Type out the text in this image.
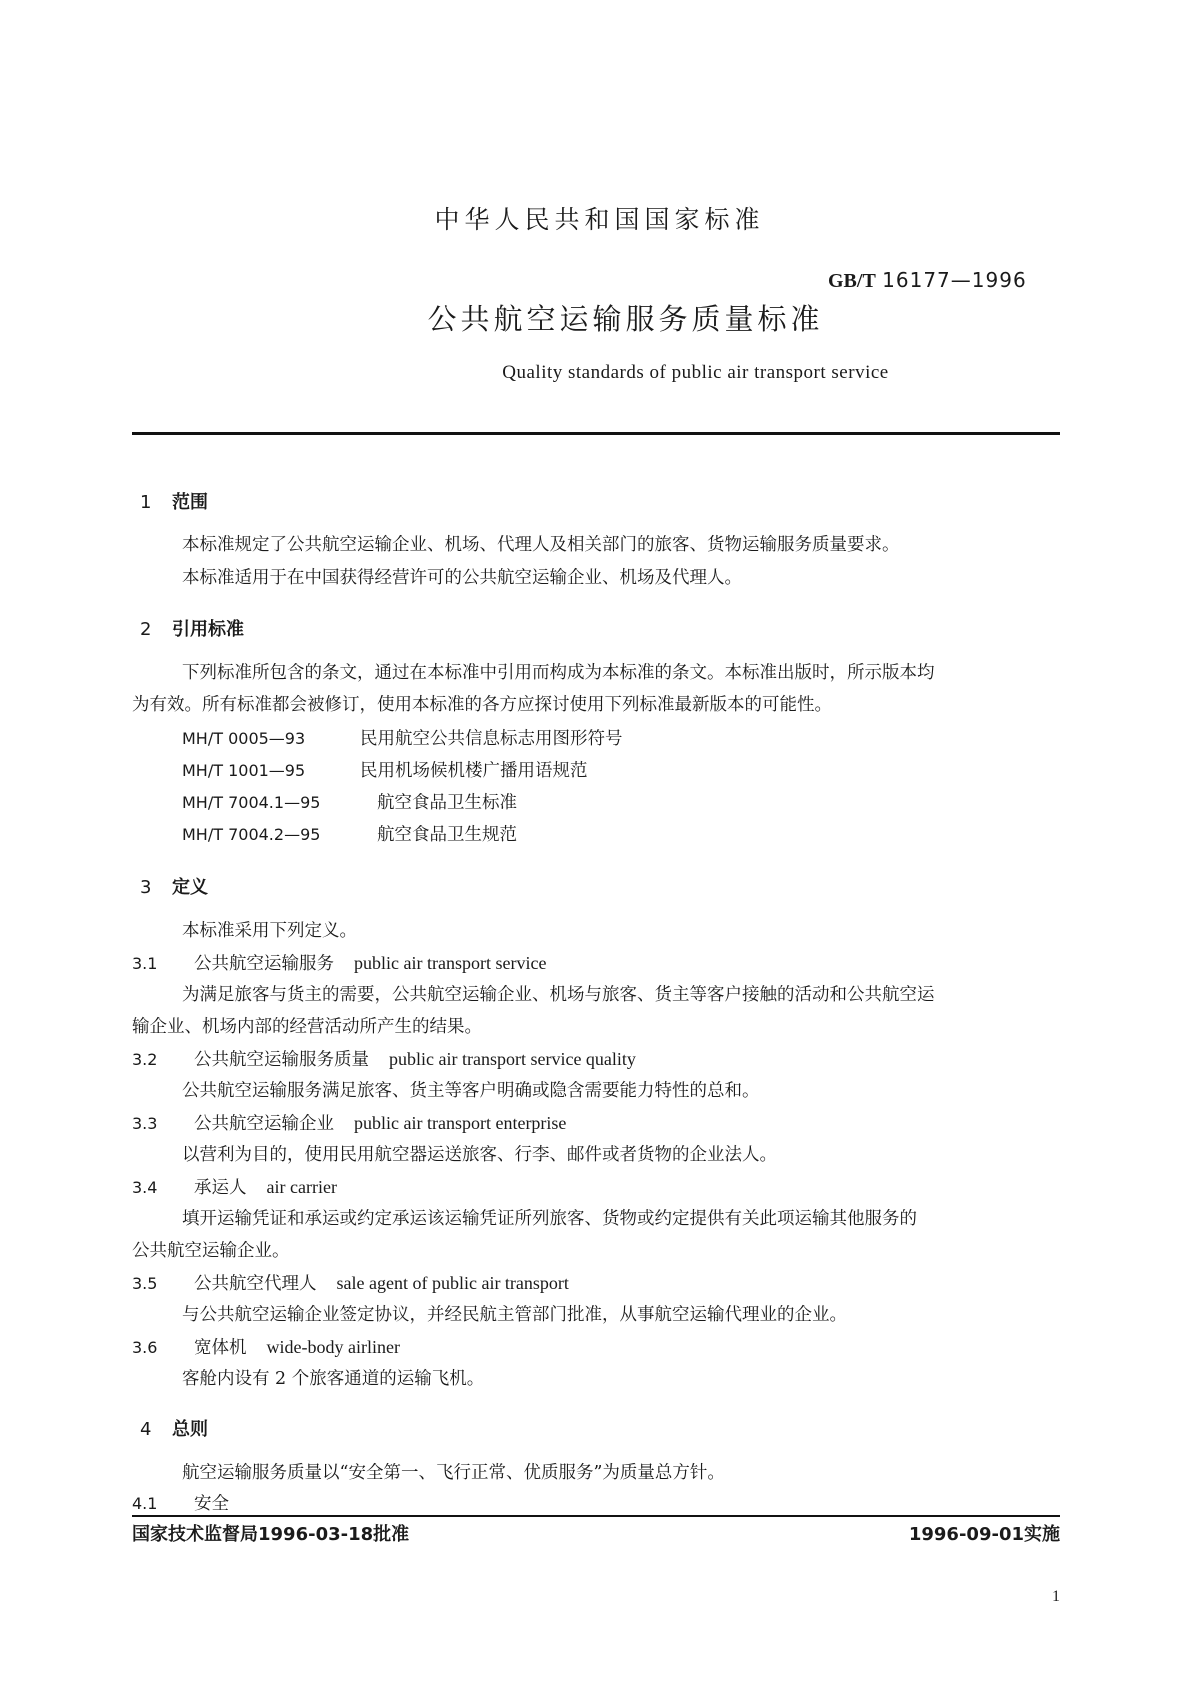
中华人民共和国国家标准
GB/T 16177—1996
公共航空运输服务质量标准
Quality standards of public air transport service
1 范围
本标准规定了公共航空运输企业、机场、代理人及相关部门的旅客、货物运输服务质量要求。
本标准适用于在中国获得经营许可的公共航空运输企业、机场及代理人。
2 引用标准
下列标准所包含的条文，通过在本标准中引用而构成为本标准的条文。本标准出版时，所示版本均
为有效。所有标准都会被修订，使用本标准的各方应探讨使用下列标准最新版本的可能性。
MH/T 0005—93	民用航空公共信息标志用图形符号
MH/T 1001—95	民用机场候机楼广播用语规范
MH/T 7004.1—95	航空食品卫生标准
MH/T 7004.2—95	航空食品卫生规范
3 定义
本标准采用下列定义。
3.1 公共航空运输服务 public air transport service
为满足旅客与货主的需要，公共航空运输企业、机场与旅客、货主等客户接触的活动和公共航空运
输企业、机场内部的经营活动所产生的结果。
3.2 公共航空运输服务质量 public air transport service quality
公共航空运输服务满足旅客、货主等客户明确或隐含需要能力特性的总和。
3.3 公共航空运输企业 public air transport enterprise
以营利为目的，使用民用航空器运送旅客、行李、邮件或者货物的企业法人。
3.4 承运人 air carrier
填开运输凭证和承运或约定承运该运输凭证所列旅客、货物或约定提供有关此项运输其他服务的
公共航空运输企业。
3.5 公共航空代理人 sale agent of public air transport
与公共航空运输企业签定协议，并经民航主管部门批准，从事航空运输代理业的企业。
3.6 宽体机 wide-body airliner
客舱内设有 2 个旅客通道的运输飞机。
4 总则
航空运输服务质量以“安全第一、飞行正常、优质服务”为质量总方针。
4.1 安全
国家技术监督局1996-03-18批准	1996-09-01实施
1
